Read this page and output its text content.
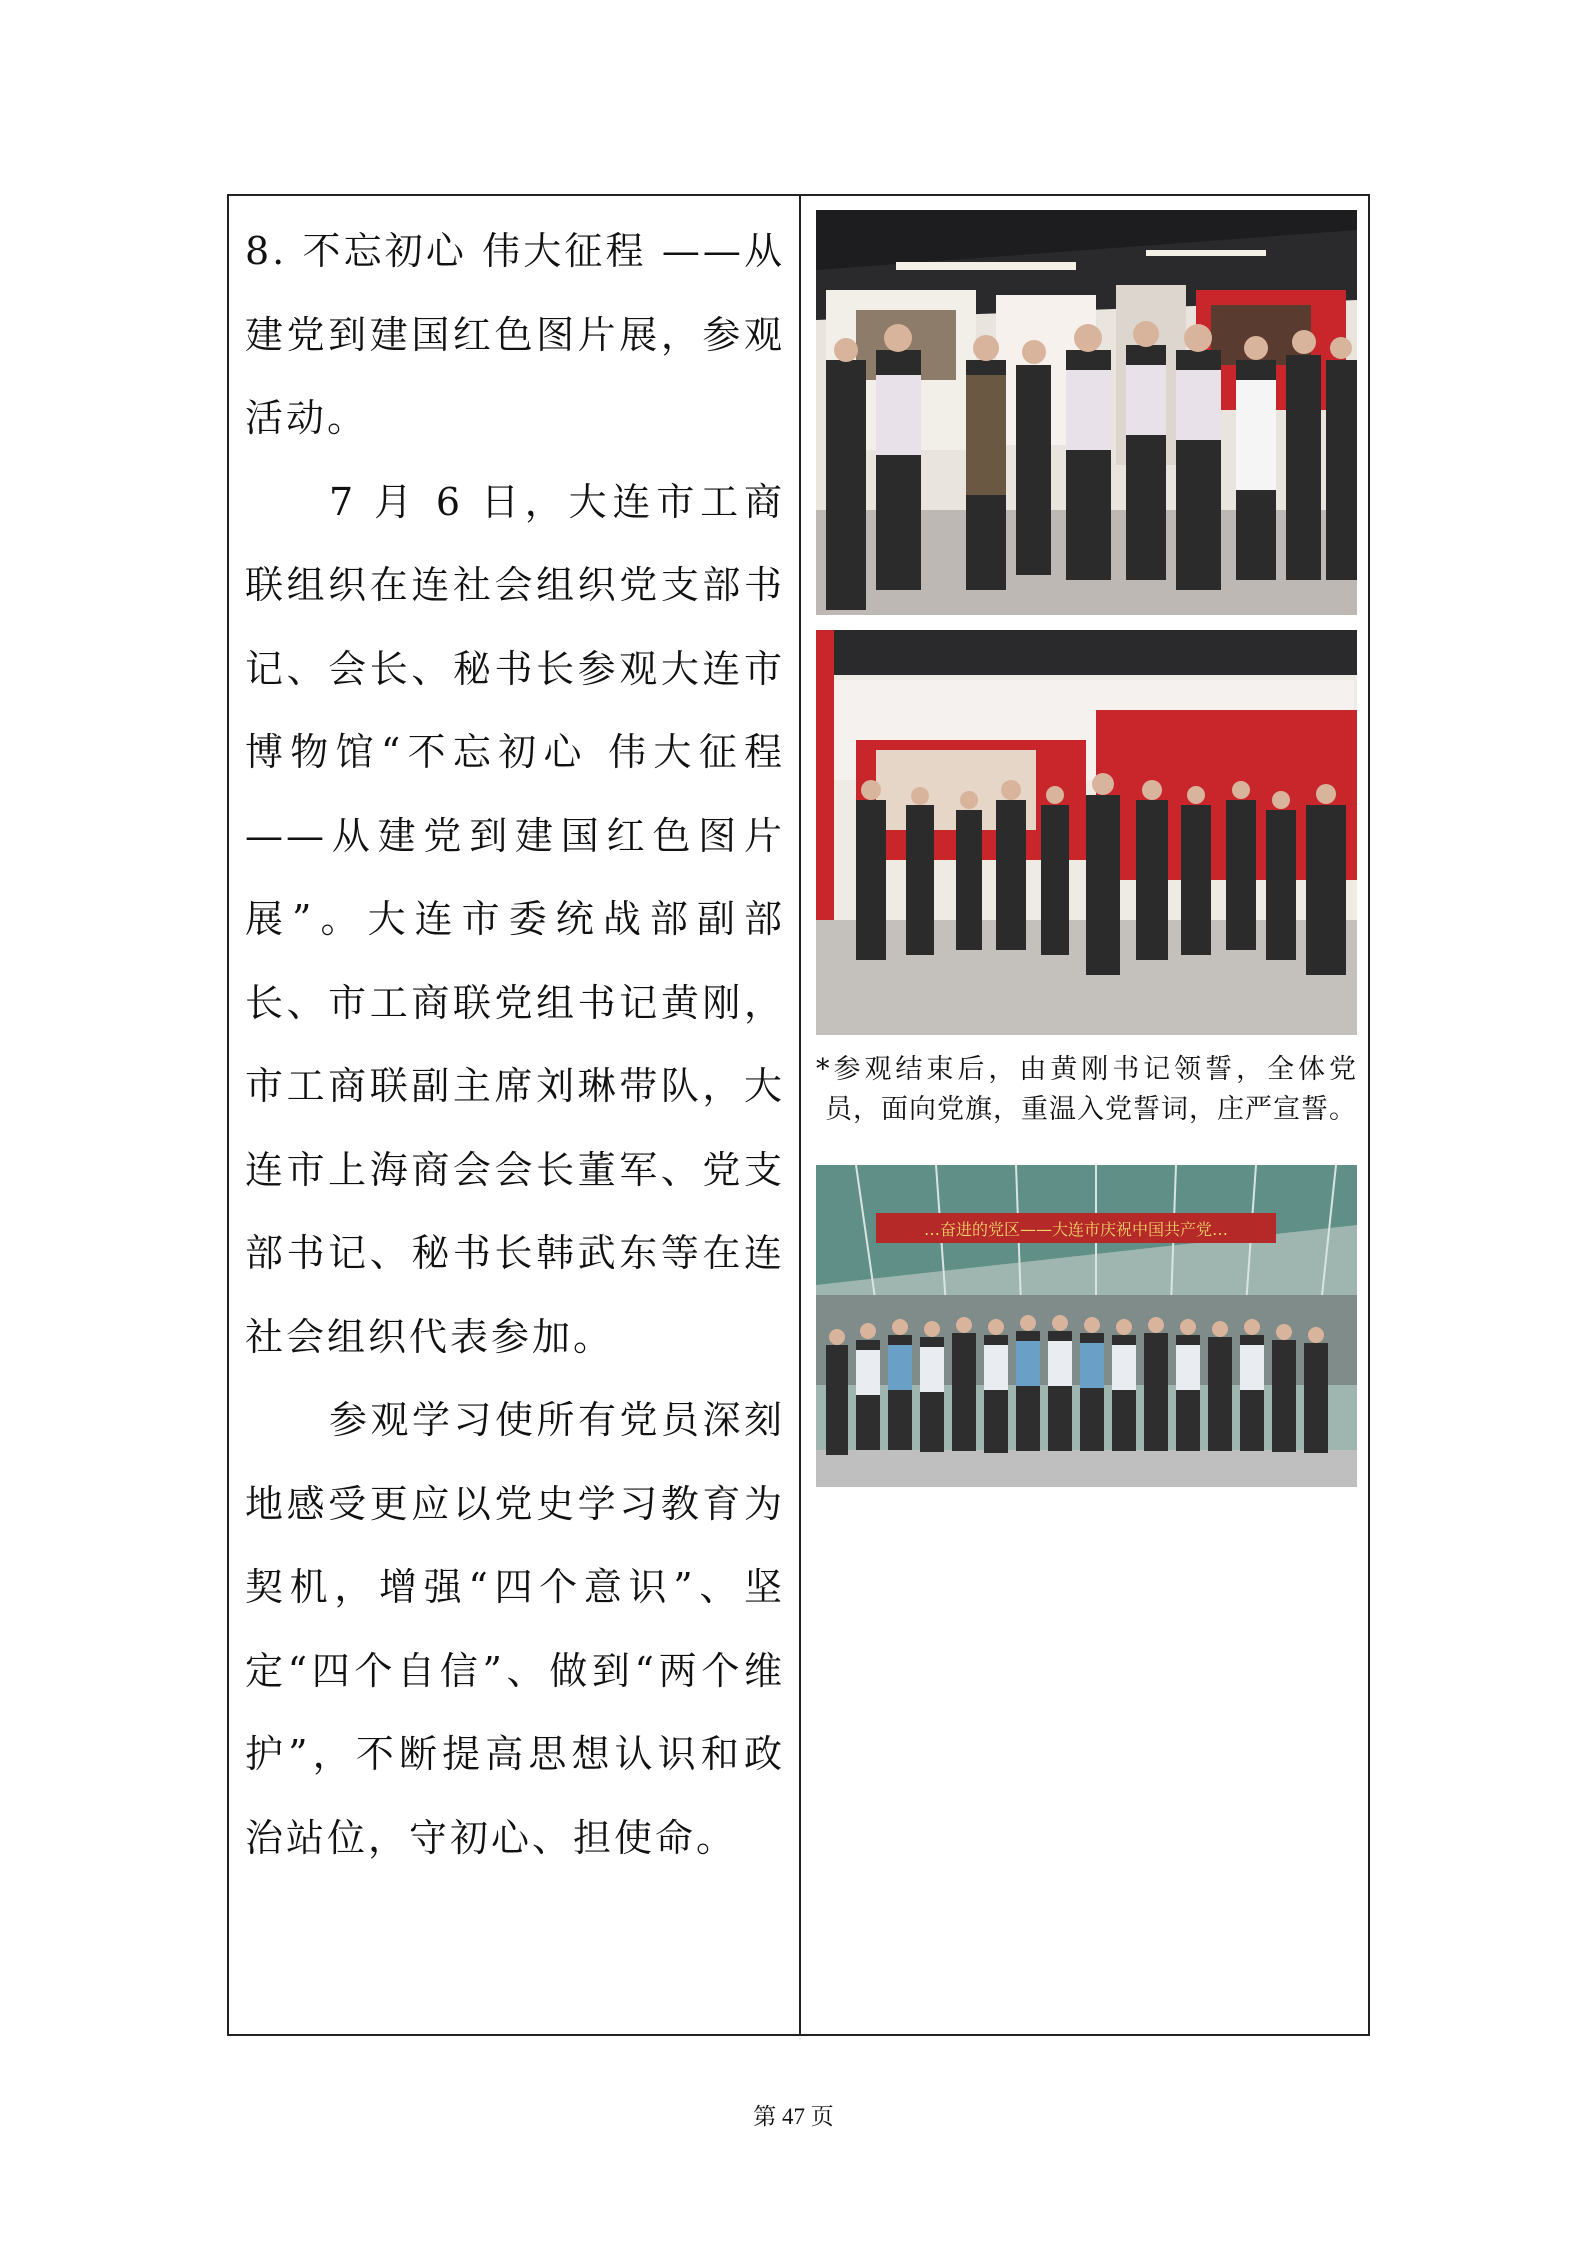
8. 不忘初心 伟大征程 ——从建党到建国红色图片展，参观活动。

7 月 6 日，大连市工商联组织在连社会组织党支部书记、会长、秘书长参观大连市博物馆“不忘初心 伟大征程——从建党到建国红色图片展”。大连市委统战部副部长、市工商联党组书记黄刚，市工商联副主席刘琳带队，大连市上海商会会长董军、党支部书记、秘书长韩武东等在连社会组织代表参加。

参观学习使所有党员深刻地感受更应以党史学习教育为契机，增强“四个意识”、坚定“四个自信”、做到“两个维护”，不断提高思想认识和政治站位，守初心、担使命。

*参观结束后，由黄刚书记领誓，全体党员，面向党旗，重温入党誓词，庄严宣誓。
…奋进的党区——大连市庆祝中国共产党…
第 47 页
